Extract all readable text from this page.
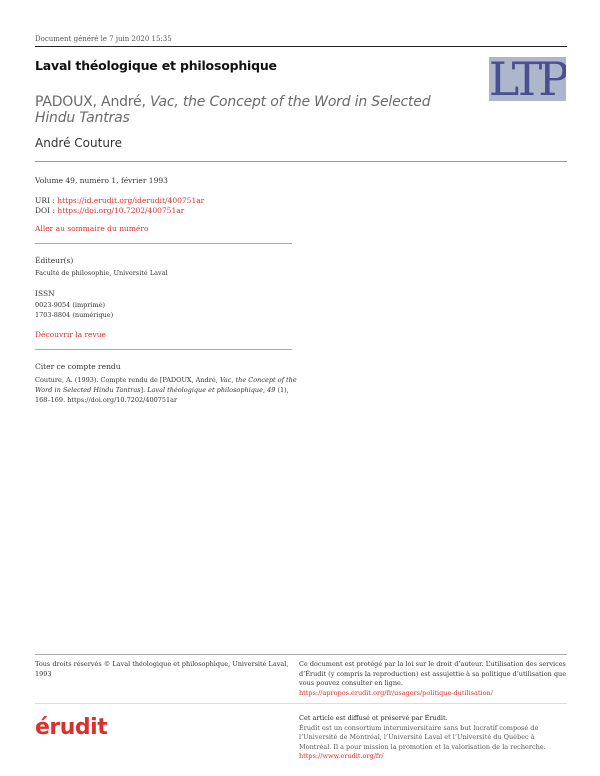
Document généré le 7 juin 2020 15:35
Laval théologique et philosophique	LTP
PADOUX, André, Vac, the Concept of the Word in Selected Hindu Tantras
André Couture
Volume 49, numéro 1, février 1993
URI : https://id.erudit.org/iderudit/400751ar
DOI : https://doi.org/10.7202/400751ar
Aller au sommaire du numéro
Éditeur(s)
Faculté de philosophie, Université Laval
ISSN
0023-9054 (imprimé)
1703-8804 (numérique)
Découvrir la revue
Citer ce compte rendu
Couture, A. (1993). Compte rendu de [PADOUX, André, Vac, the Concept of the Word in Selected Hindu Tantras]. Laval théologique et philosophique, 49 (1), 168–169. https://doi.org/10.7202/400751ar
Tous droits réservés © Laval théologique et philosophique, Université Laval, 1993
Ce document est protégé par la loi sur le droit d’auteur. L’utilisation des services d’Érudit (y compris la reproduction) est assujettie à sa politique d’utilisation que vous pouvez consulter en ligne.
https://apropos.erudit.org/fr/usagers/politique-dutilisation/
érudit	Cet article est diffusé et préservé par Érudit.
Érudit est un consortium interuniversitaire sans but lucratif composé de l’Université de Montréal, l’Université Laval et l’Université du Québec à Montréal. Il a pour mission la promotion et la valorisation de la recherche.
https://www.erudit.org/fr/
